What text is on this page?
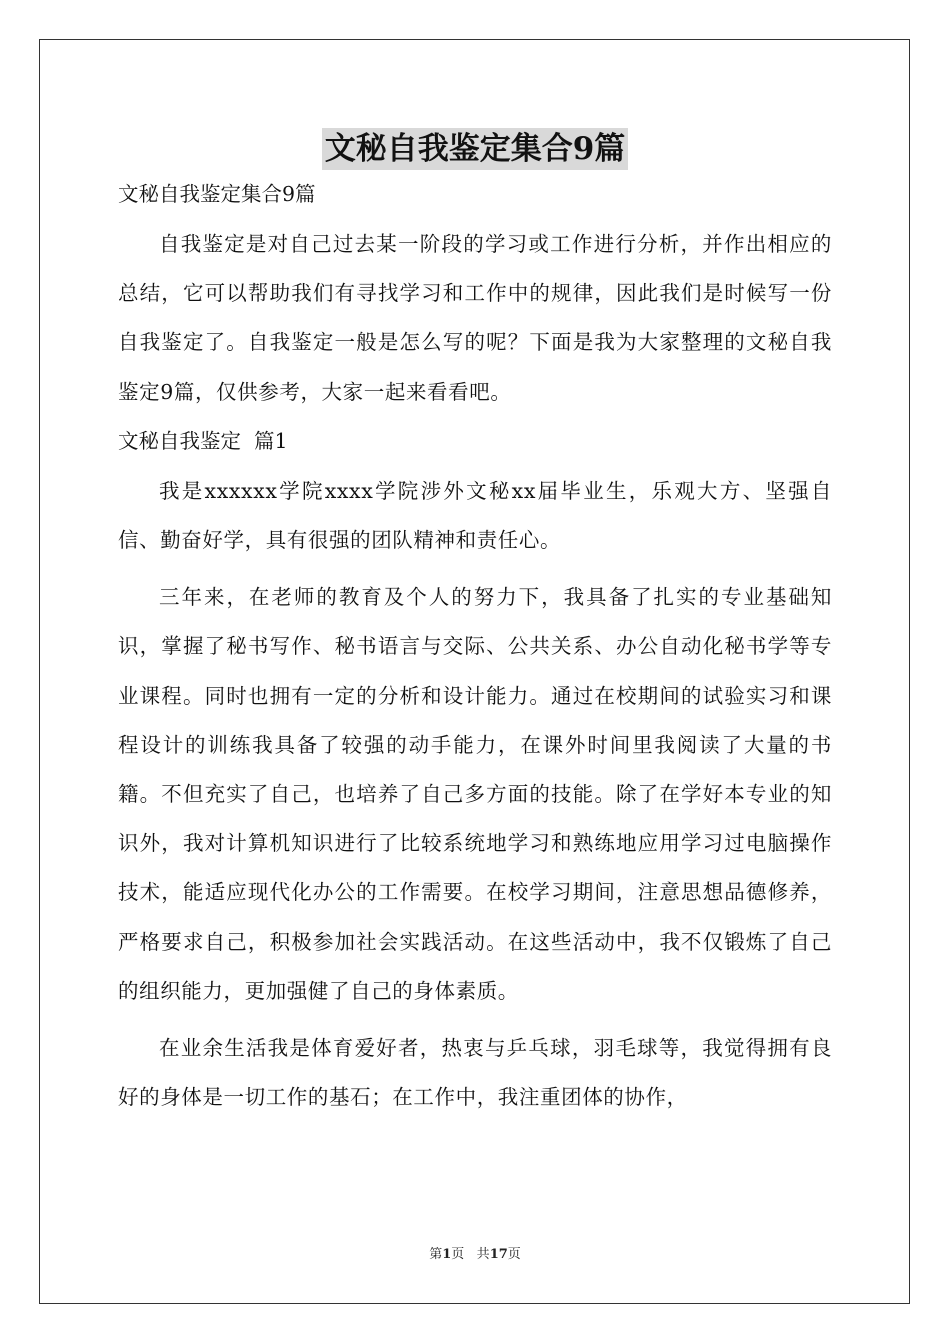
文秘自我鉴定集合9篇

文秘自我鉴定集合9篇

自我鉴定是对自己过去某一阶段的学习或工作进行分析，并作出相应的总结，它可以帮助我们有寻找学习和工作中的规律，因此我们是时候写一份自我鉴定了。自我鉴定一般是怎么写的呢？下面是我为大家整理的文秘自我鉴定9篇，仅供参考，大家一起来看看吧。

文秘自我鉴定  篇1

我是xxxxxx学院xxxx学院涉外文秘xx届毕业生，乐观大方、坚强自信、勤奋好学，具有很强的团队精神和责任心。

三年来，在老师的教育及个人的努力下，我具备了扎实的专业基础知识，掌握了秘书写作、秘书语言与交际、公共关系、办公自动化秘书学等专业课程。同时也拥有一定的分析和设计能力。通过在校期间的试验实习和课程设计的训练我具备了较强的动手能力，在课外时间里我阅读了大量的书籍。不但充实了自己，也培养了自己多方面的技能。除了在学好本专业的知识外，我对计算机知识进行了比较系统地学习和熟练地应用学习过电脑操作技术，能适应现代化办公的工作需要。在校学习期间，注意思想品德修养，严格要求自己，积极参加社会实践活动。在这些活动中，我不仅锻炼了自己的组织能力，更加强健了自己的身体素质。

在业余生活我是体育爱好者，热衷与乒乓球，羽毛球等，我觉得拥有良好的身体是一切工作的基石；在工作中，我注重团体的协作，

第1页 共17页
